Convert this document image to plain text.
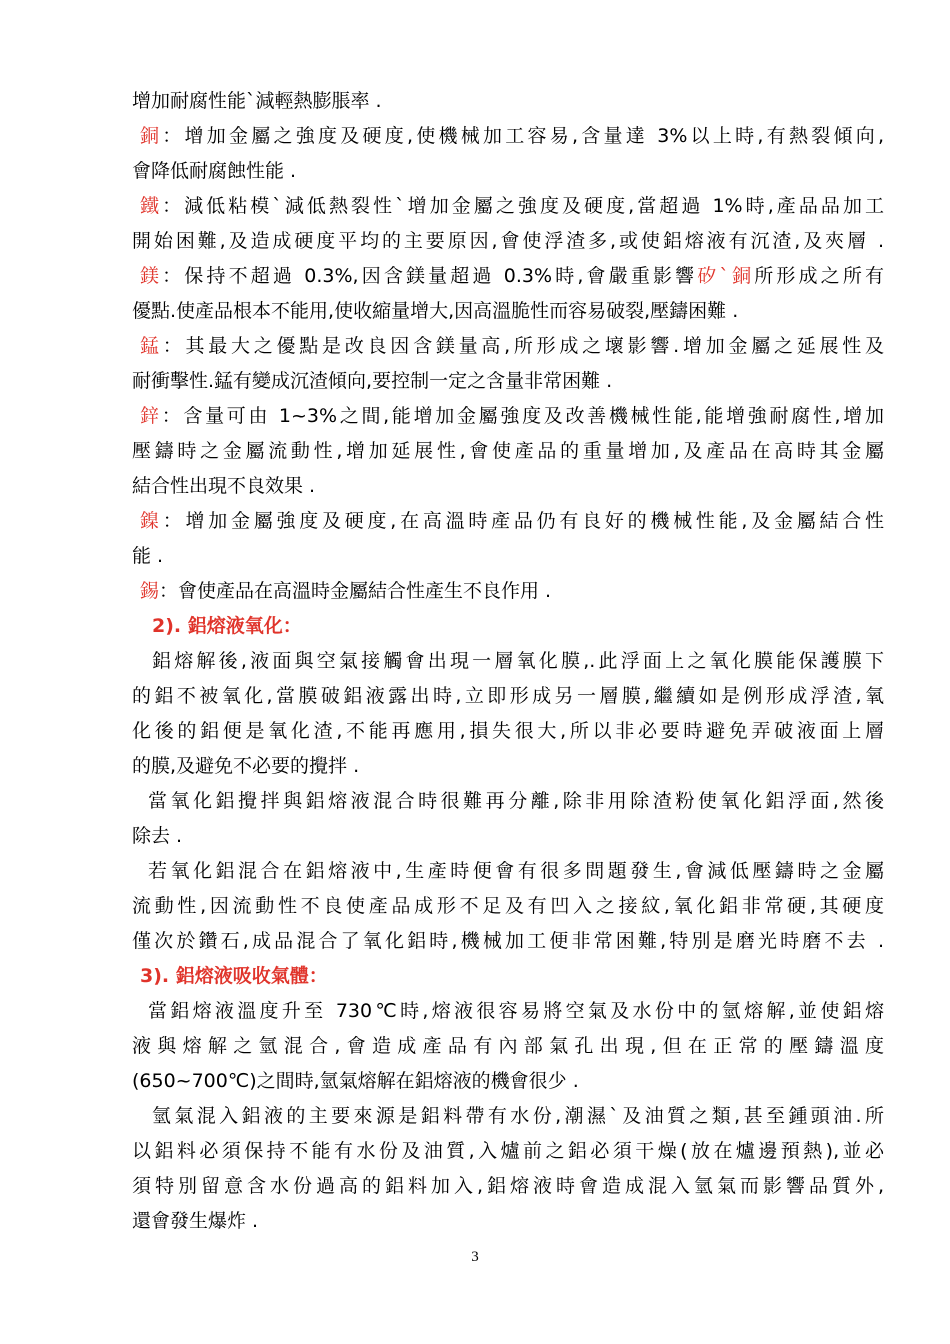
增加耐腐性能`減輕熱膨脹率 .
銅：增加金屬之強度及硬度,使機械加工容易,含量達 3%以上時,有熱裂傾向,
會降低耐腐蝕性能 .
鐵：減低粘模`減低熱裂性`增加金屬之強度及硬度,當超過 1%時,產品品加工
開始困難,及造成硬度平均的主要原因,會使浮渣多,或使鋁熔液有沉渣,及夾層 .
鎂：保持不超過 0.3%,因含鎂量超過 0.3%時,會嚴重影響矽`銅所形成之所有
優點.使產品根本不能用,使收縮量增大,因高溫脆性而容易破裂,壓鑄困難 .
錳：其最大之優點是改良因含鎂量高,所形成之壞影響.增加金屬之延展性及
耐衝擊性.錳有變成沉渣傾向,要控制一定之含量非常困難 .
鋅：含量可由 1~3%之間,能增加金屬強度及改善機械性能,能增強耐腐性,增加
壓鑄時之金屬流動性,增加延展性,會使產品的重量增加,及產品在高時其金屬
結合性出現不良效果 .
鎳：增加金屬強度及硬度,在高溫時產品仍有良好的機械性能,及金屬結合性
能 .
錫：會使產品在高溫時金屬結合性產生不良作用 .
2). 鋁熔液氧化：
鋁熔解後,液面與空氣接觸會出現一層氧化膜,.此浮面上之氧化膜能保護膜下
的鋁不被氧化,當膜破鋁液露出時,立即形成另一層膜,繼續如是例形成浮渣,氧
化後的鋁便是氧化渣,不能再應用,損失很大,所以非必要時避免弄破液面上層
的膜,及避免不必要的攪拌 .
當氧化鋁攪拌與鋁熔液混合時很難再分離,除非用除渣粉使氧化鋁浮面,然後
除去 .
若氧化鋁混合在鋁熔液中,生產時便會有很多問題發生,會減低壓鑄時之金屬
流動性,因流動性不良使產品成形不足及有凹入之接紋,氧化鋁非常硬,其硬度
僅次於鑽石,成品混合了氧化鋁時,機械加工便非常困難,特別是磨光時磨不去 .
3). 鋁熔液吸收氣體：
當鋁熔液溫度升至 730℃時,熔液很容易將空氣及水份中的氫熔解,並使鋁熔
液與熔解之氫混合,會造成產品有內部氣孔出現,但在正常的壓鑄溫度
(650~700℃)之間時,氫氣熔解在鋁熔液的機會很少 .
氫氣混入鋁液的主要來源是鋁料帶有水份,潮濕`及油質之類,甚至鍾頭油.所
以鋁料必須保持不能有水份及油質,入爐前之鋁必須干燥(放在爐邊預熱),並必
須特別留意含水份過高的鋁料加入,鋁熔液時會造成混入氫氣而影響品質外,
還會發生爆炸 .
3
